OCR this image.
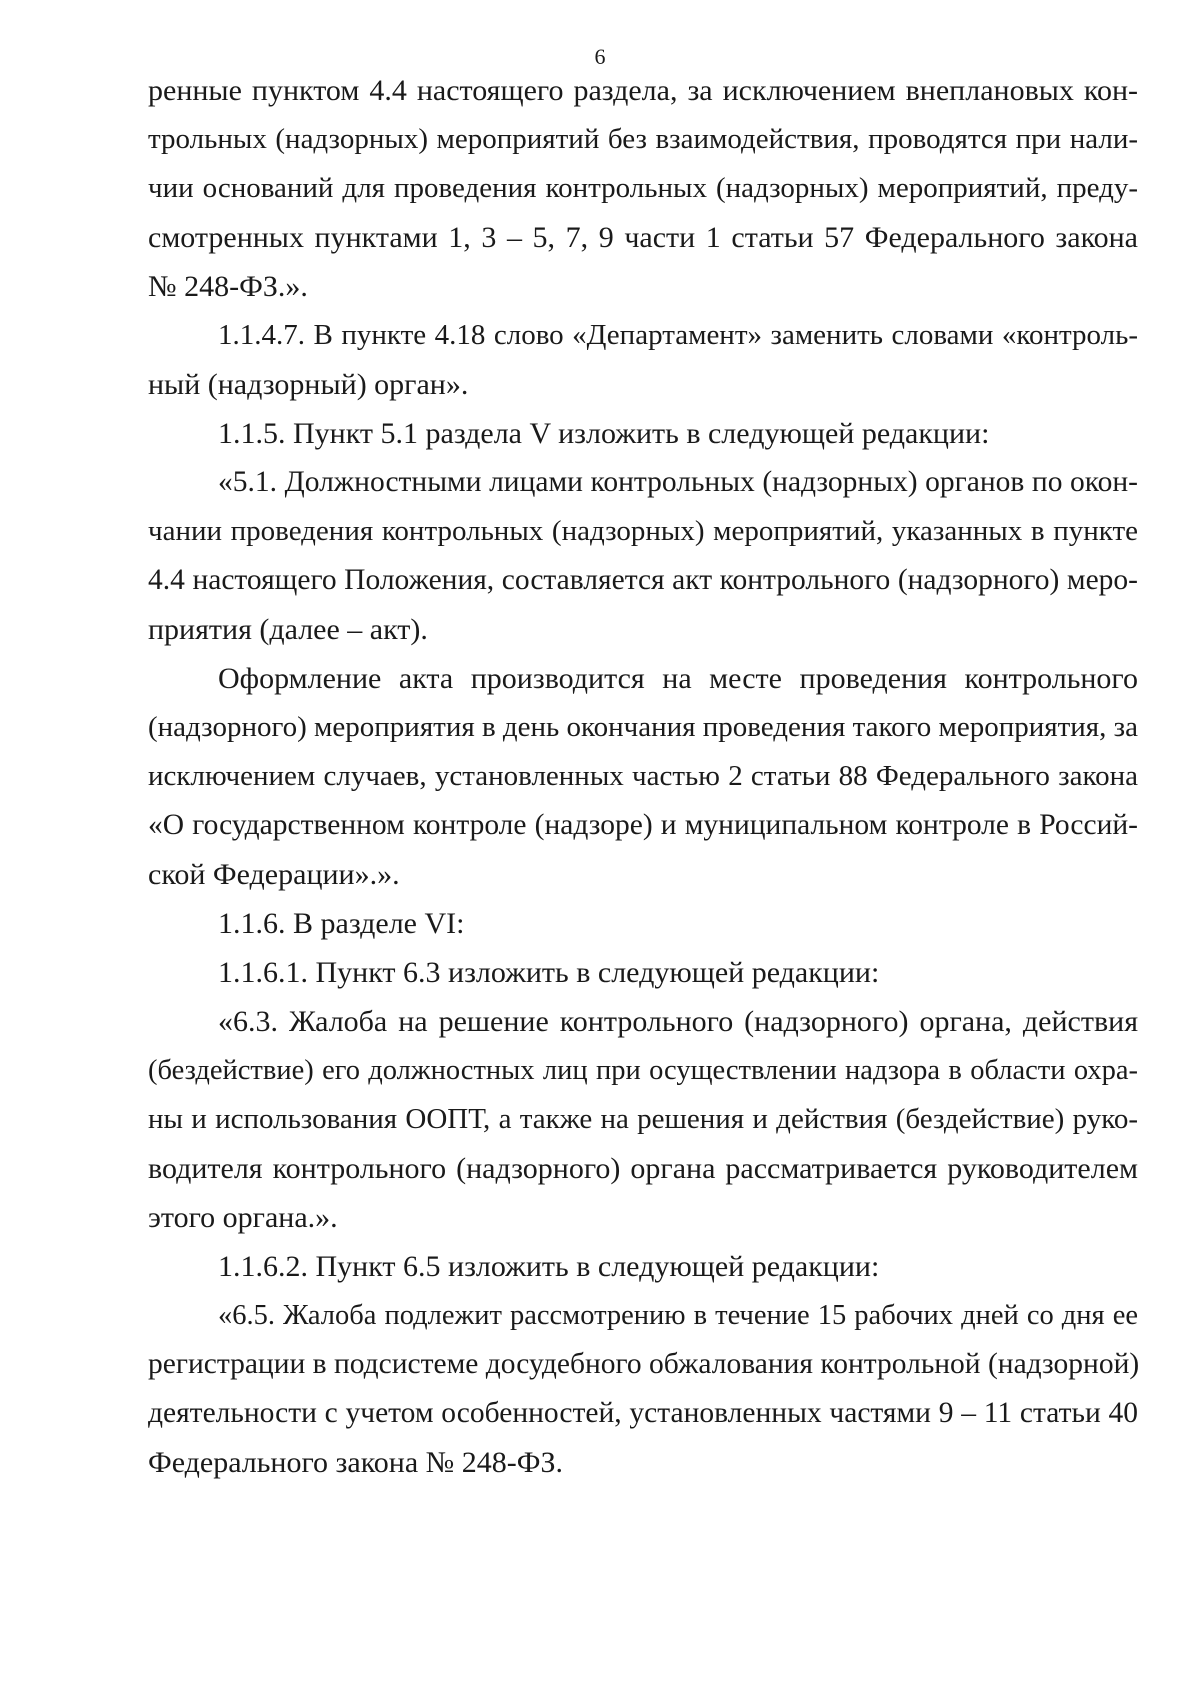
6
ренные пунктом 4.4 настоящего раздела, за исключением внеплановых кон-
трольных (надзорных) мероприятий без взаимодействия, проводятся при нали-
чии оснований для проведения контрольных (надзорных) мероприятий, преду-
смотренных пунктами 1, 3 – 5, 7, 9 части 1 статьи 57 Федерального закона
№ 248-ФЗ.».
1.1.4.7. В пункте 4.18 слово «Департамент» заменить словами «контроль-
ный (надзорный) орган».
1.1.5. Пункт 5.1 раздела V изложить в следующей редакции:
«5.1. Должностными лицами контрольных (надзорных) органов по окон-
чании проведения контрольных (надзорных) мероприятий, указанных в пункте
4.4 настоящего Положения, составляется акт контрольного (надзорного) меро-
приятия (далее – акт).
Оформление акта производится на месте проведения контрольного
(надзорного) мероприятия в день окончания проведения такого мероприятия, за
исключением случаев, установленных частью 2 статьи 88 Федерального закона
«О государственном контроле (надзоре) и муниципальном контроле в Россий-
ской Федерации».».
1.1.6. В разделе VI:
1.1.6.1. Пункт 6.3 изложить в следующей редакции:
«6.3. Жалоба на решение контрольного (надзорного) органа, действия
(бездействие) его должностных лиц при осуществлении надзора в области охра-
ны и использования ООПТ, а также на решения и действия (бездействие) руко-
водителя контрольного (надзорного) органа рассматривается руководителем
этого органа.».
1.1.6.2. Пункт 6.5 изложить в следующей редакции:
«6.5. Жалоба подлежит рассмотрению в течение 15 рабочих дней со дня ее
регистрации в подсистеме досудебного обжалования контрольной (надзорной)
деятельности с учетом особенностей, установленных частями 9 – 11 статьи 40
Федерального закона № 248-ФЗ.
